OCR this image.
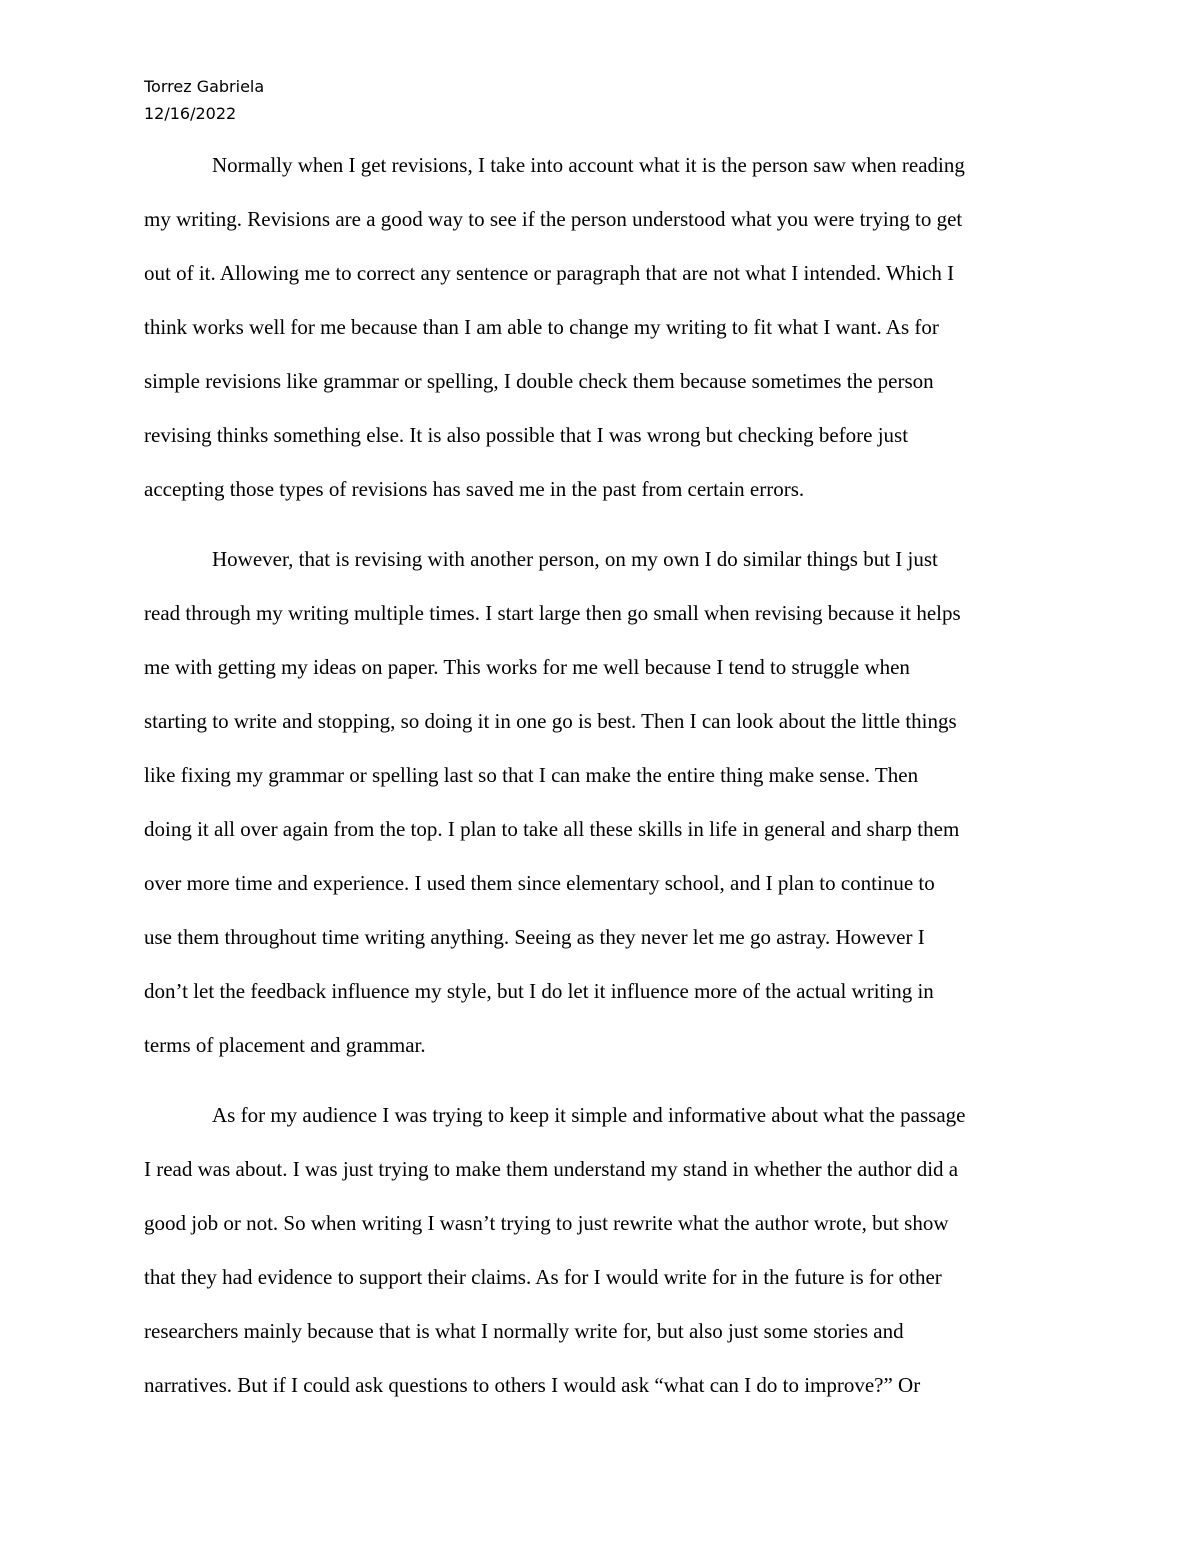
Torrez Gabriela
12/16/2022
Normally when I get revisions, I take into account what it is the person saw when reading
my writing. Revisions are a good way to see if the person understood what you were trying to get
out of it. Allowing me to correct any sentence or paragraph that are not what I intended. Which I
think works well for me because than I am able to change my writing to fit what I want. As for
simple revisions like grammar or spelling, I double check them because sometimes the person
revising thinks something else. It is also possible that I was wrong but checking before just
accepting those types of revisions has saved me in the past from certain errors.
However, that is revising with another person, on my own I do similar things but I just
read through my writing multiple times. I start large then go small when revising because it helps
me with getting my ideas on paper. This works for me well because I tend to struggle when
starting to write and stopping, so doing it in one go is best. Then I can look about the little things
like fixing my grammar or spelling last so that I can make the entire thing make sense. Then
doing it all over again from the top. I plan to take all these skills in life in general and sharp them
over more time and experience. I used them since elementary school, and I plan to continue to
use them throughout time writing anything. Seeing as they never let me go astray. However I
don’t let the feedback influence my style, but I do let it influence more of the actual writing in
terms of placement and grammar.
As for my audience I was trying to keep it simple and informative about what the passage
I read was about. I was just trying to make them understand my stand in whether the author did a
good job or not. So when writing I wasn’t trying to just rewrite what the author wrote, but show
that they had evidence to support their claims. As for I would write for in the future is for other
researchers mainly because that is what I normally write for, but also just some stories and
narratives. But if I could ask questions to others I would ask “what can I do to improve?” Or
